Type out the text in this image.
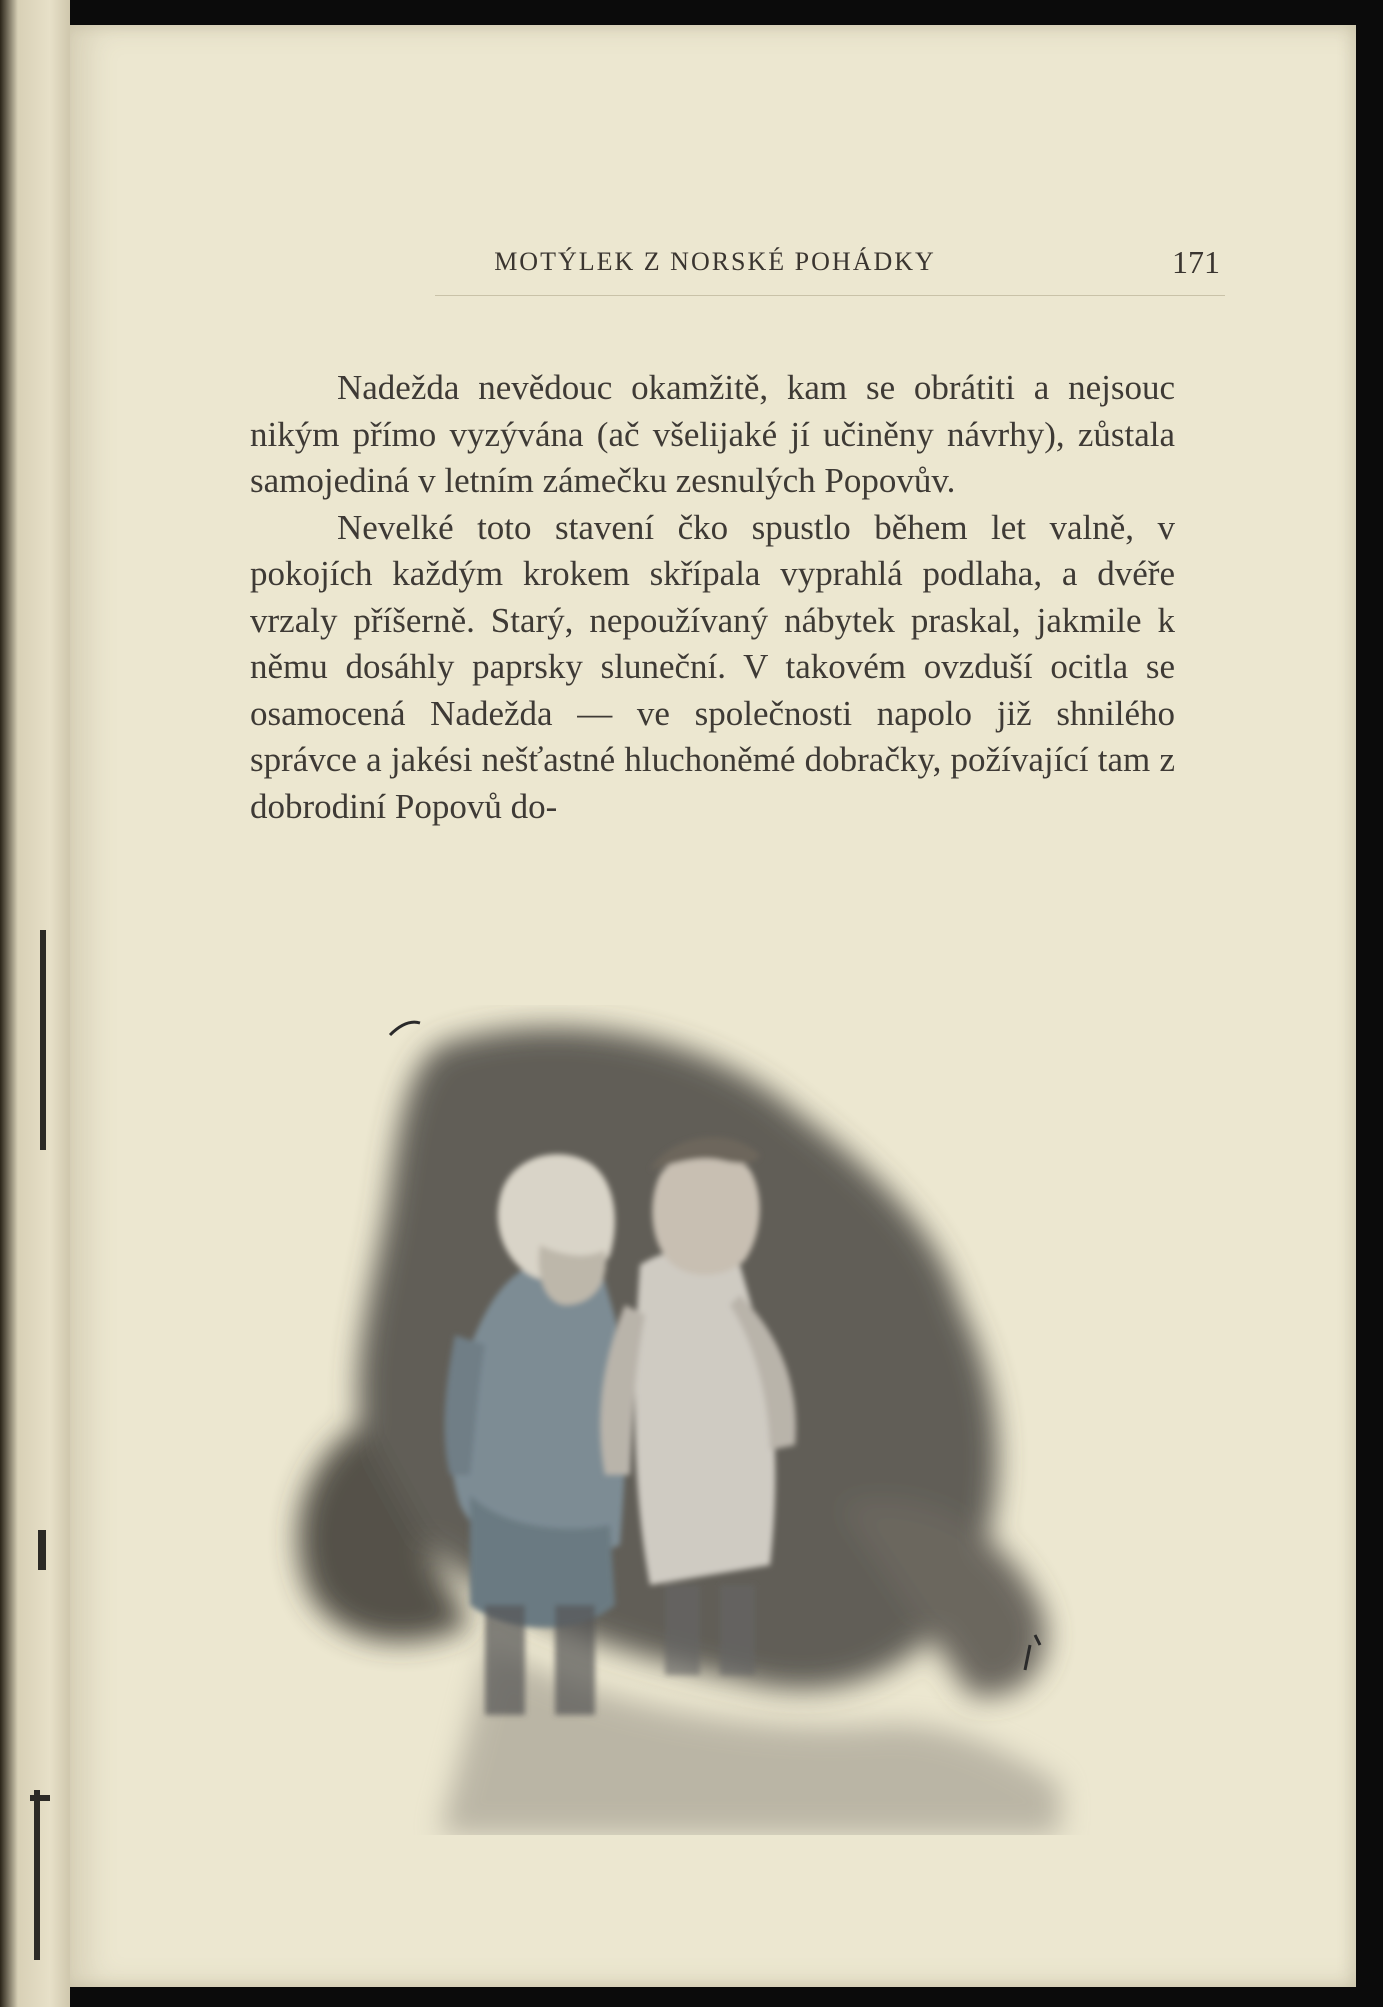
MOTÝLEK Z NORSKÉ POHÁDKY	171

Nadežda nevědouc okamžitě, kam se obrátiti a nejsouc nikým přímo vyzývána (ač všelijaké jí učiněny návrhy), zůstala samojediná v letním zámečku zesnulých Popovův.

Nevelké toto stavení čko spustlo během let valně, v pokojích každým krokem skřípala vyprahlá podlaha, a dvéře vrzaly příšerně. Starý, nepoužívaný nábytek praskal, jakmile k němu dosáhly paprsky sluneční. V takovém ovzduší ocitla se osamocená Nadežda — ve společnosti napolo již shnilého správce a jakési nešťastné hluchoněmé dobračky, požívající tam z dobrodiní Popovů do-
